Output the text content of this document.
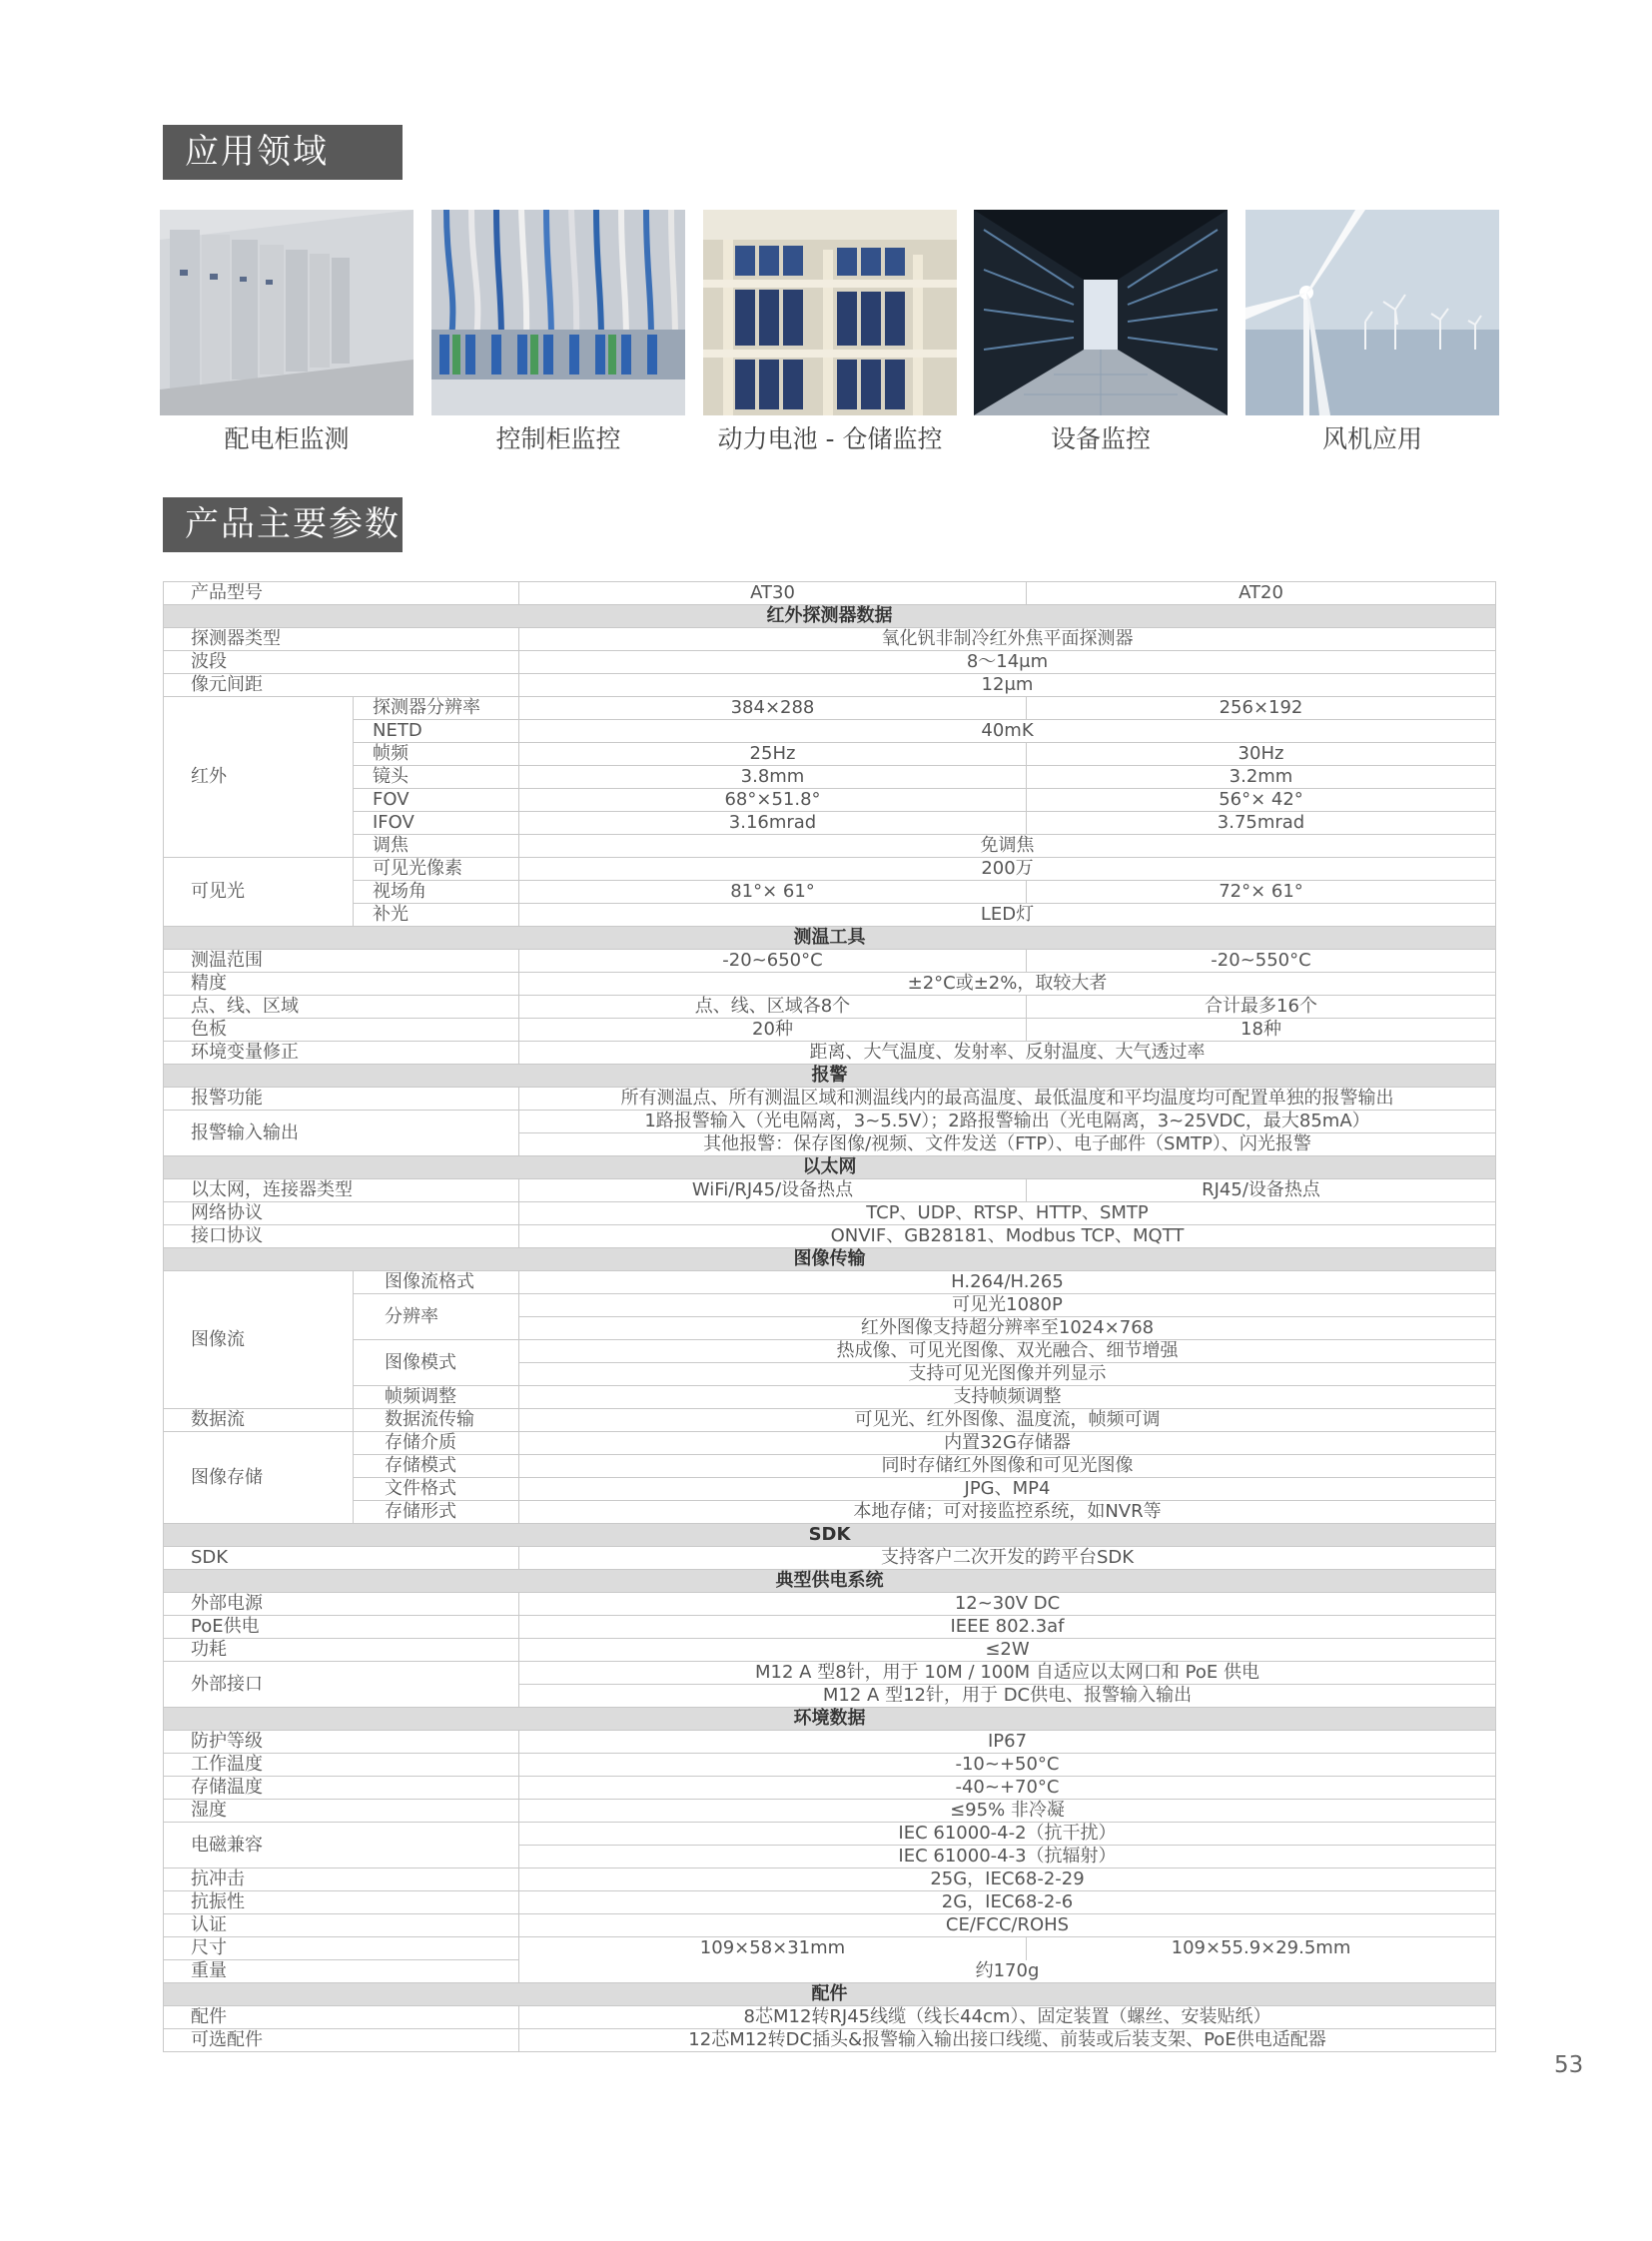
应用领域
配电柜监测	控制柜监控	动力电池 - 仓储监控	设备监控	风机应用
产品主要参数
产品型号		AT30	AT20
红外探测器数据			
探测器类型		氧化钒非制冷红外焦平面探测器	
波段		8～14μm	
像元间距		12μm	
红外	探测器分辨率	384×288	256×192
	NETD	40mK	
	帧频	25Hz	30Hz
	镜头	3.8mm	3.2mm
	FOV	68°×51.8°	56°× 42°
	IFOV	3.16mrad	3.75mrad
	调焦	免调焦	
可见光	可见光像素	200万	
	视场角	81°× 61°	72°× 61°
	补光	LED灯	
测温工具			
测温范围		-20~650°C	-20~550°C
精度		±2°C或±2%，取较大者	
点、线、区域		点、线、区域各8个	合计最多16个
色板		20种	18种
环境变量修正		距离、大气温度、发射率、反射温度、大气透过率	
报警			
报警功能		所有测温点、所有测温区域和测温线内的最高温度、最低温度和平均温度均可配置单独的报警输出	
报警输入输出		1路报警输入（光电隔离，3~5.5V）；2路报警输出（光电隔离，3~25VDC，最大85mA）	
		其他报警：保存图像/视频、文件发送（FTP）、电子邮件（SMTP）、闪光报警	
以太网			
以太网，连接器类型		WiFi/RJ45/设备热点	RJ45/设备热点
网络协议		TCP、UDP、RTSP、HTTP、SMTP	
接口协议		ONVIF、GB28181、Modbus TCP、MQTT	
图像传输			
图像流	图像流格式	H.264/H.265	
	分辨率	可见光1080P	
		红外图像支持超分辨率至1024×768	
	图像模式	热成像、可见光图像、双光融合、细节增强	
		支持可见光图像并列显示	
	帧频调整	支持帧频调整	
数据流	数据流传输	可见光、红外图像、温度流，帧频可调	
图像存储	存储介质	内置32G存储器	
	存储模式	同时存储红外图像和可见光图像	
	文件格式	JPG、MP4	
	存储形式	本地存储；可对接监控系统，如NVR等	
SDK			
SDK		支持客户二次开发的跨平台SDK	
典型供电系统			
外部电源		12~30V DC	
PoE供电		IEEE 802.3af	
功耗		≤2W	
外部接口		M12 A 型8针，用于 10M / 100M 自适应以太网口和 PoE 供电	
		M12 A 型12针，用于 DC供电、报警输入输出	
环境数据			
防护等级		IP67	
工作温度		-10~+50°C	
存储温度		-40~+70°C	
湿度		≤95% 非冷凝	
电磁兼容		IEC 61000-4-2（抗干扰）	
		IEC 61000-4-3（抗辐射）	
抗冲击		25G，IEC68-2-29	
抗振性		2G，IEC68-2-6	
认证		CE/FCC/ROHS	
尺寸		109×58×31mm	109×55.9×29.5mm
重量		约170g	
配件			
配件		8芯M12转RJ45线缆（线长44cm）、固定装置（螺丝、安装贴纸）	
可选配件		12芯M12转DC插头&报警输入输出接口线缆、前装或后装支架、PoE供电适配器	
53
